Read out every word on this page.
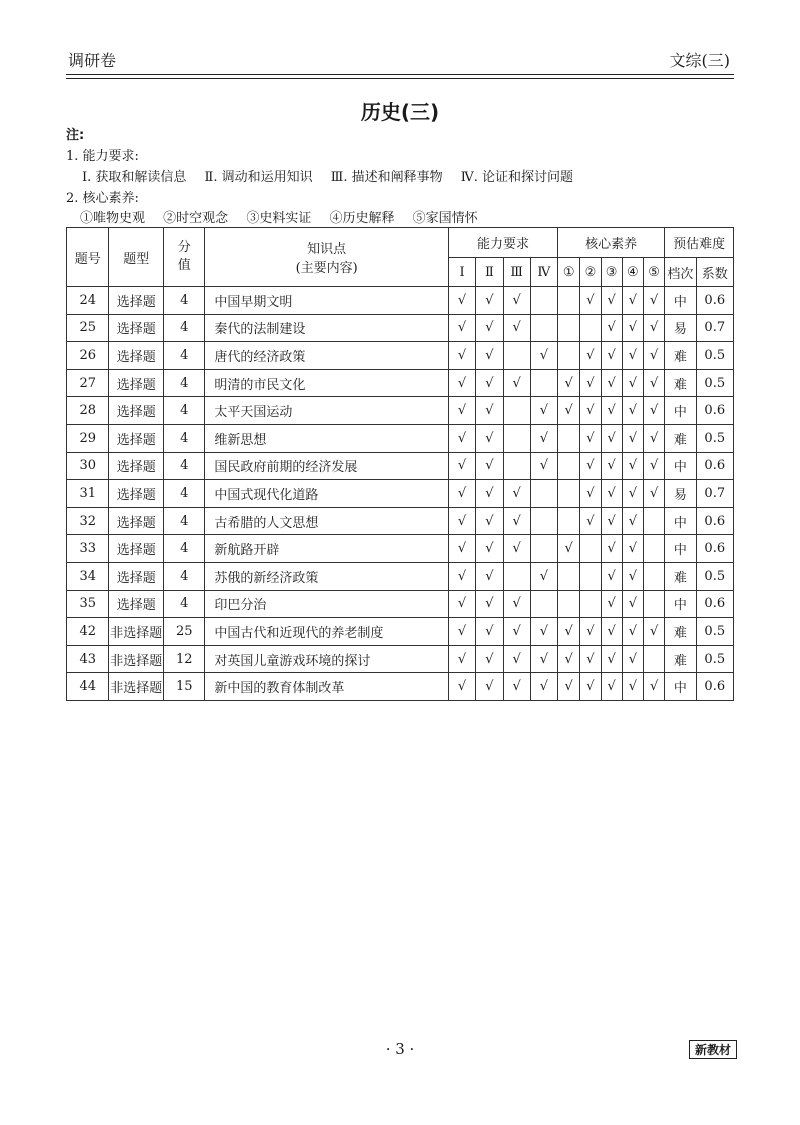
调研卷	文综(三)
历史(三)
注:
1. 能力要求:
Ⅰ. 获取和解读信息 Ⅱ. 调动和运用知识 Ⅲ. 描述和阐释事物 Ⅳ. 论证和探讨问题
2. 核心素养:
①唯物史观 ②时空观念 ③史料实证 ④历史解释 ⑤家国情怀
题号	题型	分值	知识点
(主要内容)	能力要求				核心素养					预估难度	
				Ⅰ	Ⅱ	Ⅲ	Ⅳ	①	②	③	④	⑤	档次	系数
24	选择题	4	中国早期文明	√	√	√			√	√	√	√	中	0.6
25	选择题	4	秦代的法制建设	√	√	√				√	√	√	易	0.7
26	选择题	4	唐代的经济政策	√	√		√		√	√	√	√	难	0.5
27	选择题	4	明清的市民文化	√	√	√		√	√	√	√	√	难	0.5
28	选择题	4	太平天国运动	√	√		√	√	√	√	√	√	中	0.6
29	选择题	4	维新思想	√	√		√		√	√	√	√	难	0.5
30	选择题	4	国民政府前期的经济发展	√	√		√		√	√	√	√	中	0.6
31	选择题	4	中国式现代化道路	√	√	√			√	√	√	√	易	0.7
32	选择题	4	古希腊的人文思想	√	√	√			√	√	√		中	0.6
33	选择题	4	新航路开辟	√	√	√		√		√	√		中	0.6
34	选择题	4	苏俄的新经济政策	√	√		√			√	√		难	0.5
35	选择题	4	印巴分治	√	√	√				√	√		中	0.6
42	非选择题	25	中国古代和近现代的养老制度	√	√	√	√	√	√	√	√	√	难	0.5
43	非选择题	12	对英国儿童游戏环境的探讨	√	√	√	√	√	√	√	√		难	0.5
44	非选择题	15	新中国的教育体制改革	√	√	√	√	√	√	√	√	√	中	0.6
· 3 ·	新教材
